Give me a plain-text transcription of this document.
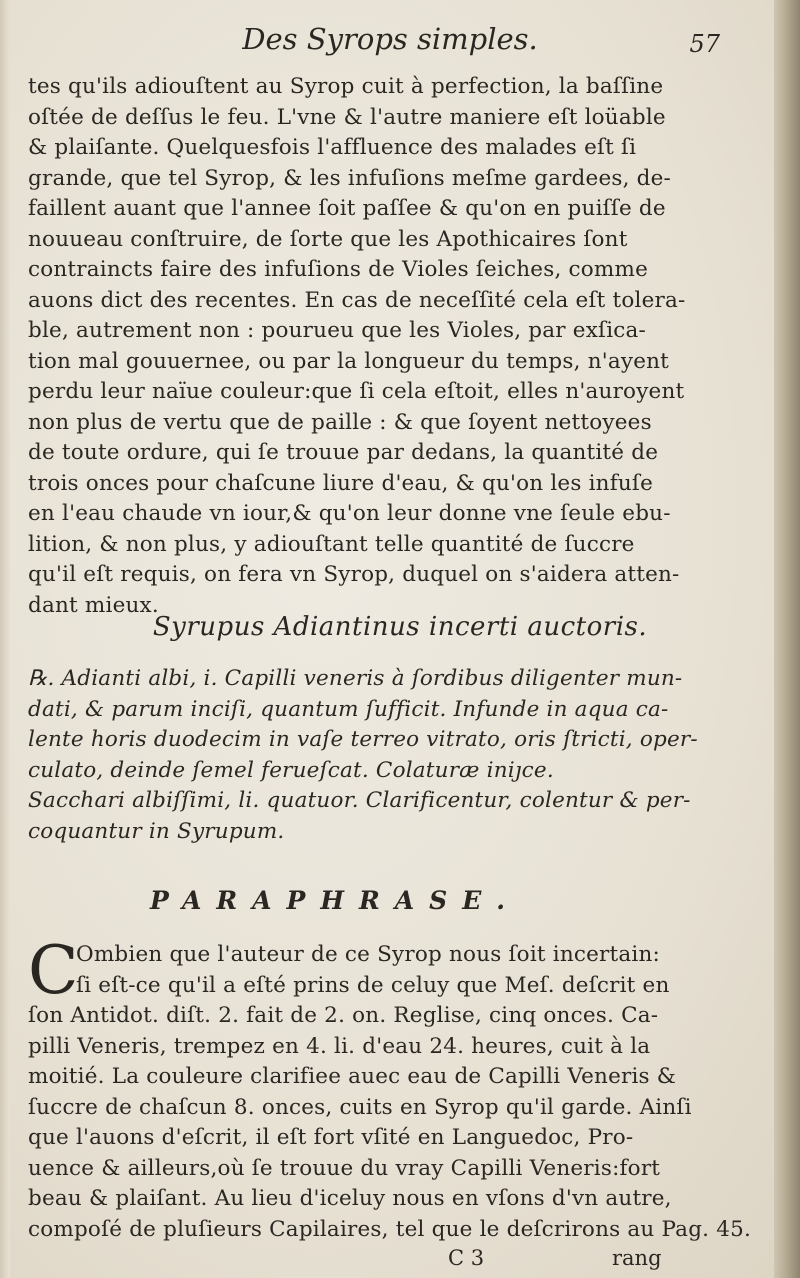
Des Syrops simples.	57
tes qu'ils adiouſtent au Syrop cuit à perfection, la baſſine
oſtée de deſſus le feu. L'vne & l'autre maniere eſt loüable
& plaiſante. Quelquesfois l'affluence des malades eſt ſi
grande, que tel Syrop, & les infuſions meſme gardees, de-
faillent auant que l'annee ſoit paſſee & qu'on en puiſſe de
nouueau conſtruire, de ſorte que les Apothicaires ſont
contraincts faire des infuſions de Violes ſeiches, comme
auons dict des recentes. En cas de neceſſité cela eſt tolera-
ble, autrement non : pourueu que les Violes, par exſica-
tion mal gouuernee, ou par la longueur du temps, n'ayent
perdu leur naïue couleur:que ſi cela eſtoit, elles n'auroyent
non plus de vertu que de paille : & que ſoyent nettoyees
de toute ordure, qui ſe trouue par dedans, la quantité de
trois onces pour chaſcune liure d'eau, & qu'on les infuſe
en l'eau chaude vn iour,& qu'on leur donne vne ſeule ebu-
lition, & non plus, y adiouſtant telle quantité de ſuccre
qu'il eſt requis, on fera vn Syrop, duquel on s'aidera atten-
dant mieux.
Syrupus Adiantinus incerti auctoris.
℞. Adianti albi, i. Capilli veneris à ſordibus diligenter mun-
dati, & parum inciſi, quantum ſufficit. Infunde in aqua ca-
lente horis duodecim in vaſe terreo vitrato, oris ſtricti, oper-
culato, deinde ſemel ferueſcat. Colaturæ iniȷce.
Sacchari albiſſimi, li. quatuor. Clarificentur, colentur & per-
coquantur in Syrupum.
PARAPHRASE.
C
Ombien que l'auteur de ce Syrop nous ſoit incertain:
ſi eſt-ce qu'il a eſté prins de celuy que Meſ. deſcrit en
ſon Antidot. diſt. 2. fait de 2. on. Reglise, cinq onces. Ca-
pilli Veneris, trempez en 4. li. d'eau 24. heures, cuit à la
moitié. La couleure clarifiee auec eau de Capilli Veneris &
ſuccre de chaſcun 8. onces, cuits en Syrop qu'il garde. Ainſi
que l'auons d'eſcrit, il eſt fort vſité en Languedoc, Pro-
uence & ailleurs,où ſe trouue du vray Capilli Veneris:fort
beau & plaiſant. Au lieu d'iceluy nous en vſons d'vn autre,
compoſé de pluſieurs Capilaires, tel que le deſcrirons au Pag. 45.
C 3	rang
